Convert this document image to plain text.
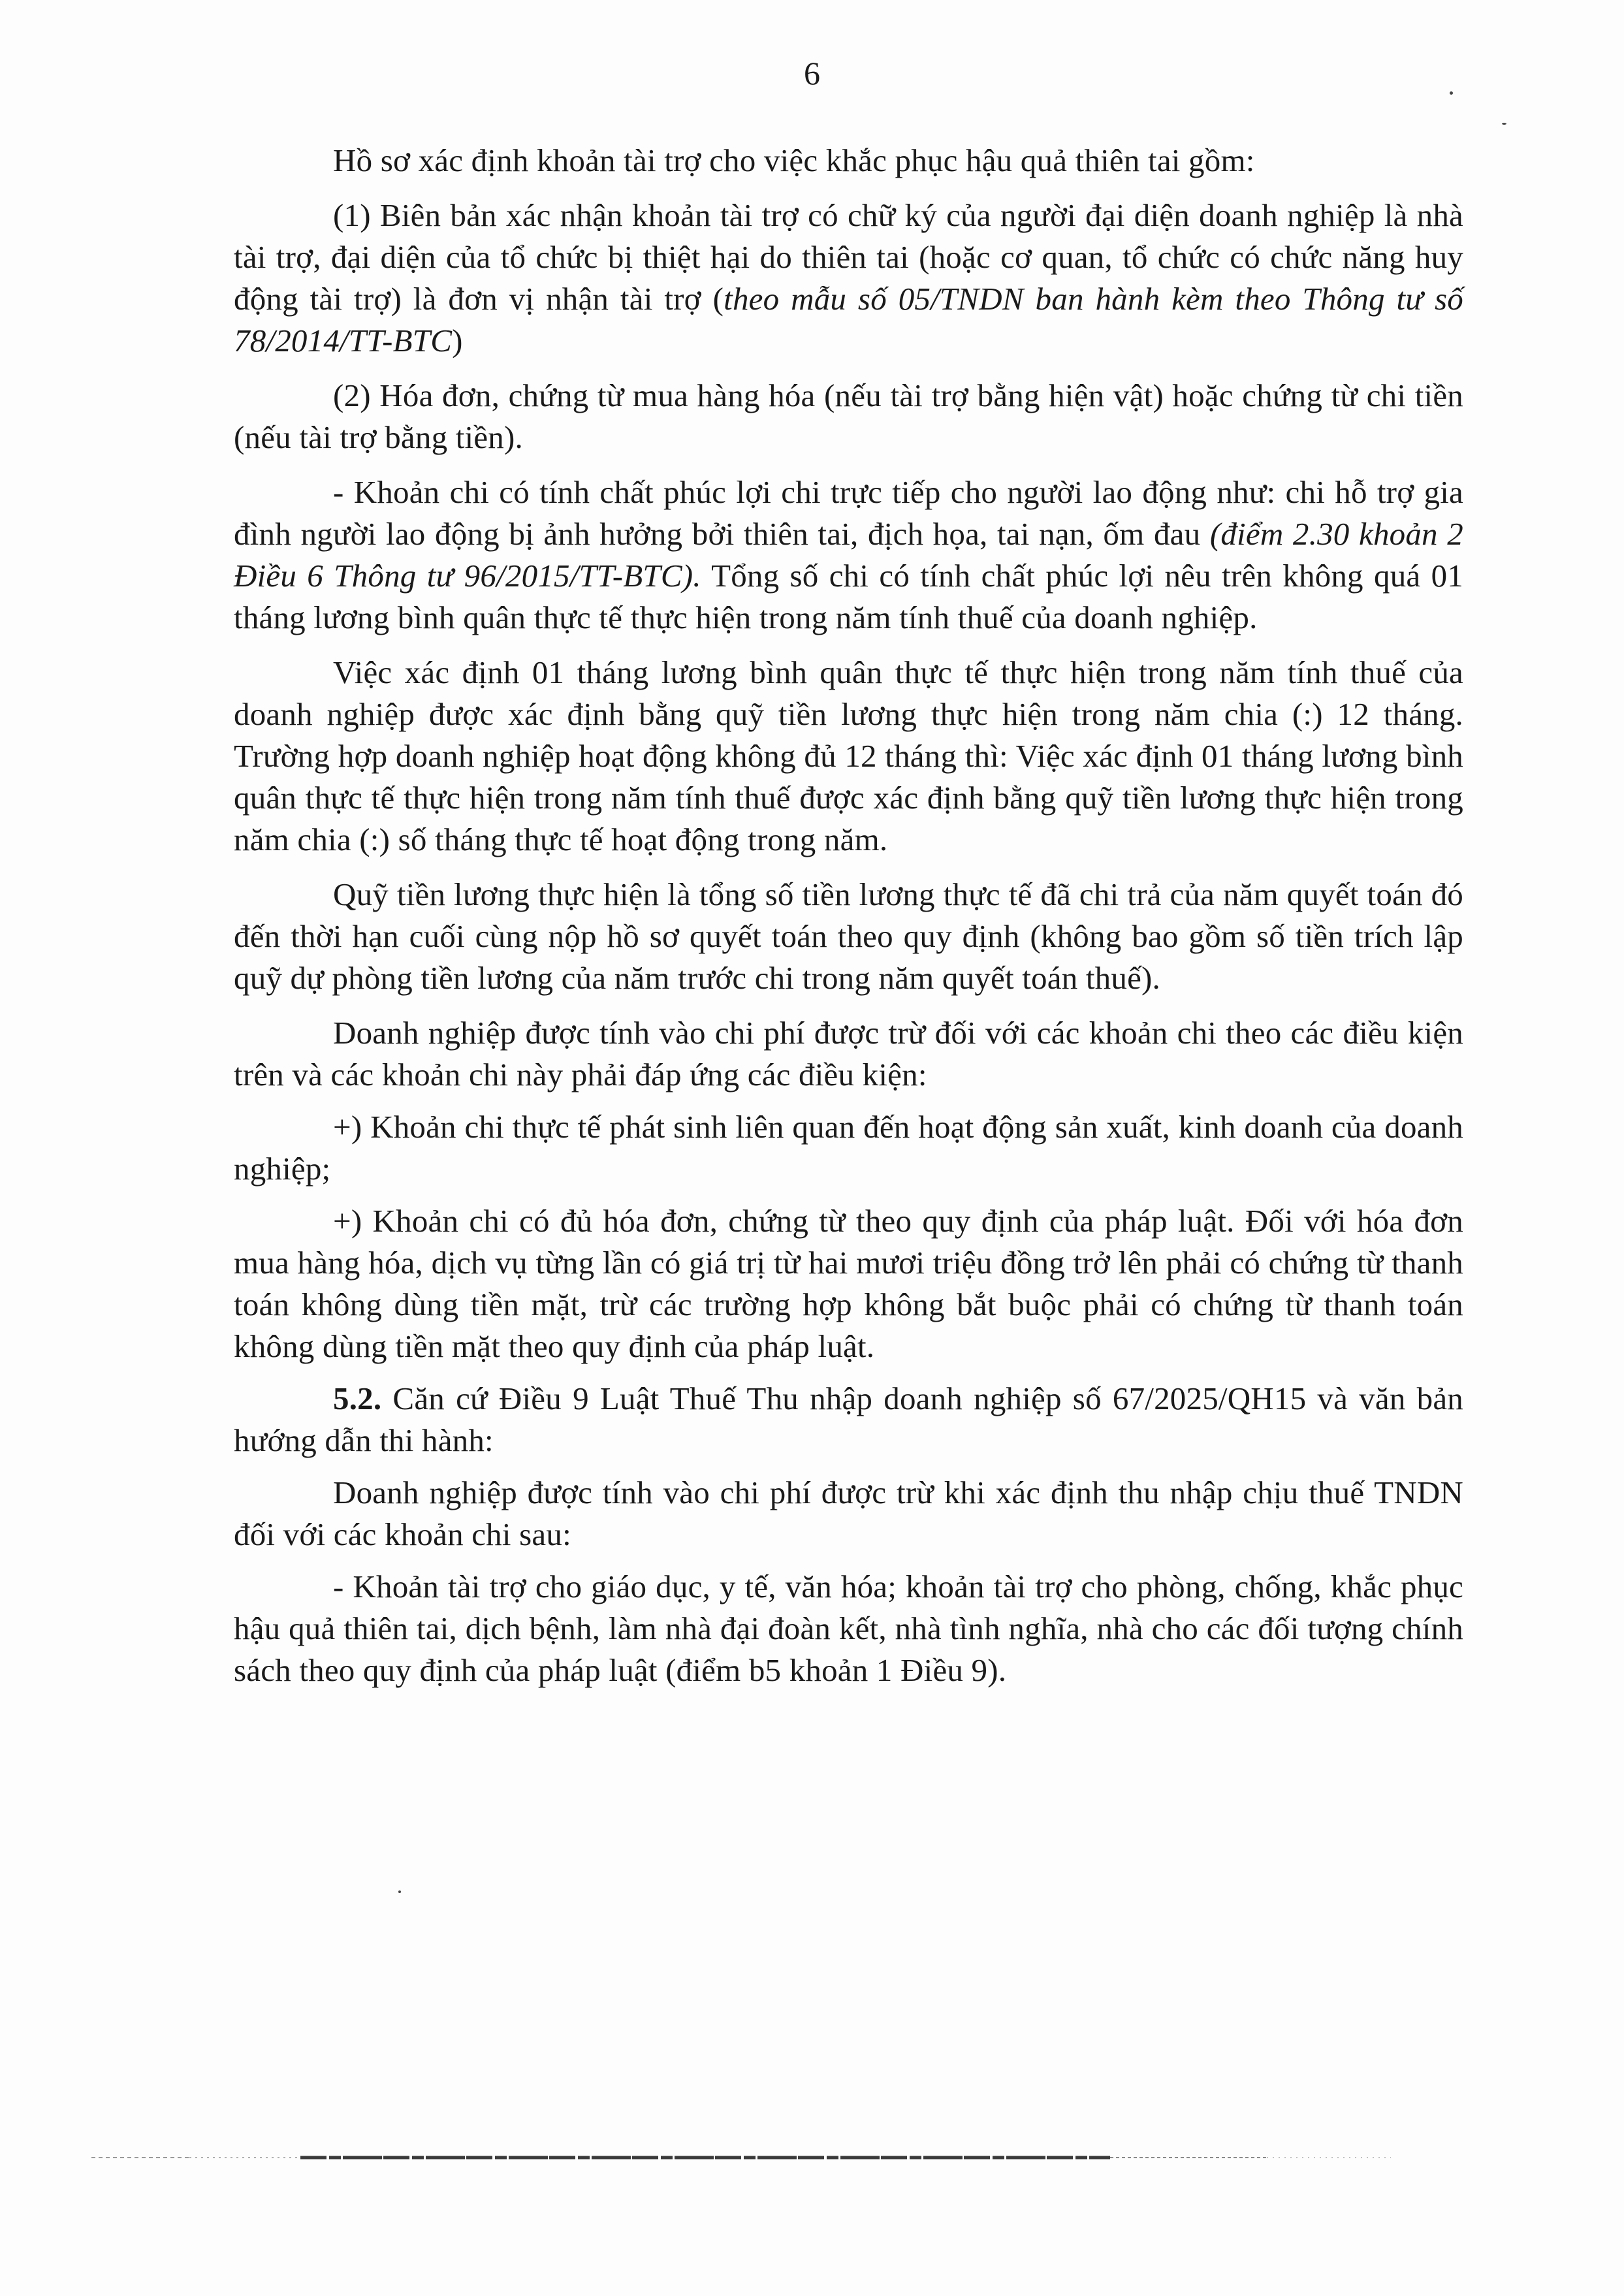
6

Hồ sơ xác định khoản tài trợ cho việc khắc phục hậu quả thiên tai gồm:

(1) Biên bản xác nhận khoản tài trợ có chữ ký của người đại diện doanh nghiệp là nhà tài trợ, đại diện của tổ chức bị thiệt hại do thiên tai (hoặc cơ quan, tổ chức có chức năng huy động tài trợ) là đơn vị nhận tài trợ (theo mẫu số 05/TNDN ban hành kèm theo Thông tư số 78/2014/TT-BTC)

(2) Hóa đơn, chứng từ mua hàng hóa (nếu tài trợ bằng hiện vật) hoặc chứng từ chi tiền (nếu tài trợ bằng tiền).

- Khoản chi có tính chất phúc lợi chi trực tiếp cho người lao động như: chi hỗ trợ gia đình người lao động bị ảnh hưởng bởi thiên tai, địch họa, tai nạn, ốm đau (điểm 2.30 khoản 2 Điều 6 Thông tư 96/2015/TT-BTC). Tổng số chi có tính chất phúc lợi nêu trên không quá 01 tháng lương bình quân thực tế thực hiện trong năm tính thuế của doanh nghiệp.

Việc xác định 01 tháng lương bình quân thực tế thực hiện trong năm tính thuế của doanh nghiệp được xác định bằng quỹ tiền lương thực hiện trong năm chia (:) 12 tháng. Trường hợp doanh nghiệp hoạt động không đủ 12 tháng thì: Việc xác định 01 tháng lương bình quân thực tế thực hiện trong năm tính thuế được xác định bằng quỹ tiền lương thực hiện trong năm chia (:) số tháng thực tế hoạt động trong năm.

Quỹ tiền lương thực hiện là tổng số tiền lương thực tế đã chi trả của năm quyết toán đó đến thời hạn cuối cùng nộp hồ sơ quyết toán theo quy định (không bao gồm số tiền trích lập quỹ dự phòng tiền lương của năm trước chi trong năm quyết toán thuế).

Doanh nghiệp được tính vào chi phí được trừ đối với các khoản chi theo các điều kiện trên và các khoản chi này phải đáp ứng các điều kiện:

+) Khoản chi thực tế phát sinh liên quan đến hoạt động sản xuất, kinh doanh của doanh nghiệp;

+) Khoản chi có đủ hóa đơn, chứng từ theo quy định của pháp luật. Đối với hóa đơn mua hàng hóa, dịch vụ từng lần có giá trị từ hai mươi triệu đồng trở lên phải có chứng từ thanh toán không dùng tiền mặt, trừ các trường hợp không bắt buộc phải có chứng từ thanh toán không dùng tiền mặt theo quy định của pháp luật.

5.2. Căn cứ Điều 9 Luật Thuế Thu nhập doanh nghiệp số 67/2025/QH15 và văn bản hướng dẫn thi hành:

Doanh nghiệp được tính vào chi phí được trừ khi xác định thu nhập chịu thuế TNDN đối với các khoản chi sau:

- Khoản tài trợ cho giáo dục, y tế, văn hóa; khoản tài trợ cho phòng, chống, khắc phục hậu quả thiên tai, dịch bệnh, làm nhà đại đoàn kết, nhà tình nghĩa, nhà cho các đối tượng chính sách theo quy định của pháp luật (điểm b5 khoản 1 Điều 9).
